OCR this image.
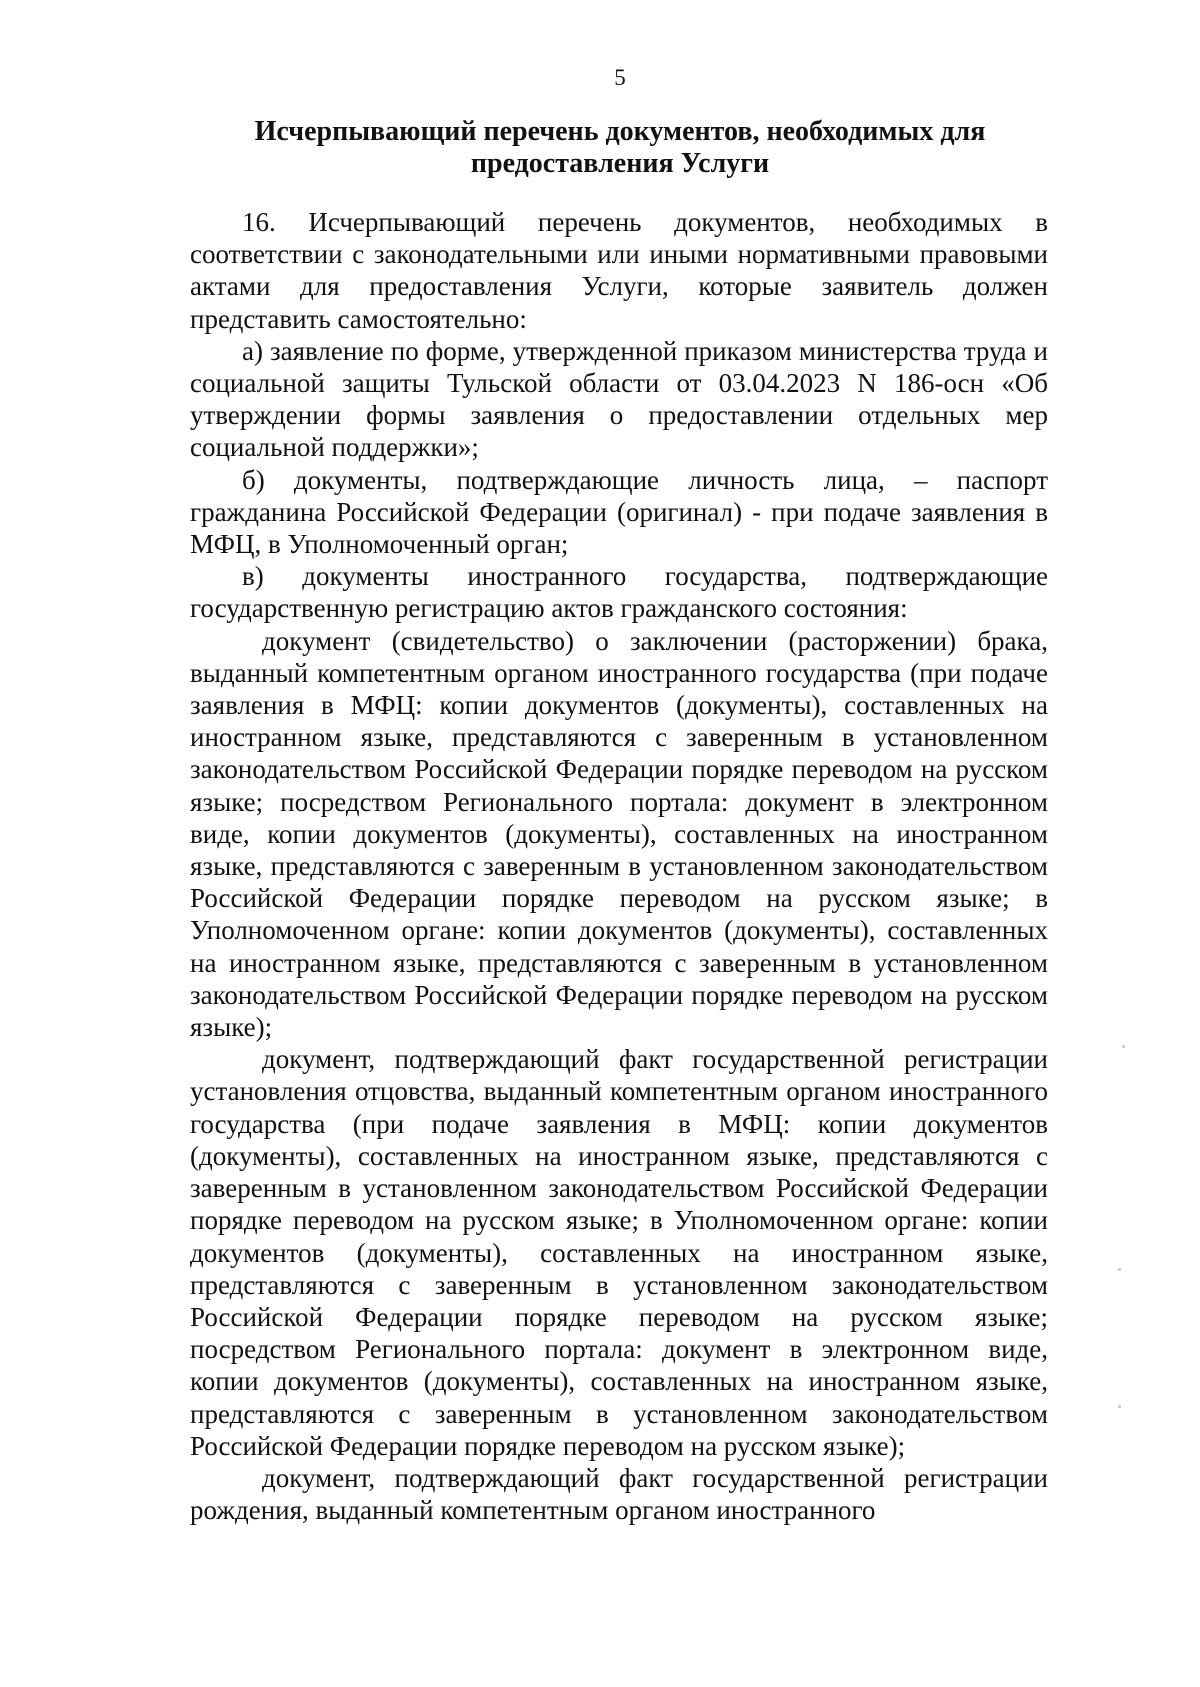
5
Исчерпывающий перечень документов, необходимых для
предоставления Услуги

16. Исчерпывающий перечень документов, необходимых в соответствии с законодательными или иными нормативными правовыми актами для предоставления Услуги, которые заявитель должен представить самостоятельно:

а) заявление по форме, утвержденной приказом министерства труда и социальной защиты Тульской области от 03.04.2023 N 186-осн «Об утверждении формы заявления о предоставлении отдельных мер социальной поддержки»;

б) документы, подтверждающие личность лица, – паспорт гражданина Российской Федерации (оригинал) - при подаче заявления в МФЦ, в Уполномоченный орган;

в) документы иностранного государства, подтверждающие государственную регистрацию актов гражданского состояния:

документ (свидетельство) о заключении (расторжении) брака, выданный компетентным органом иностранного государства (при подаче заявления в МФЦ: копии документов (документы), составленных на иностранном языке, представляются с заверенным в установленном законодательством Российской Федерации порядке переводом на русском языке; посредством Регионального портала: документ в электронном виде, копии документов (документы), составленных на иностранном языке, представляются с заверенным в установленном законодательством Российской Федерации порядке переводом на русском языке; в Уполномоченном органе: копии документов (документы), составленных на иностранном языке, представляются с заверенным в установленном законодательством Российской Федерации порядке переводом на русском языке);

документ, подтверждающий факт государственной регистрации установления отцовства, выданный компетентным органом иностранного государства (при подаче заявления в МФЦ: копии документов (документы), составленных на иностранном языке, представляются с заверенным в установленном законодательством Российской Федерации порядке переводом на русском языке; в Уполномоченном органе: копии документов (документы), составленных на иностранном языке, представляются с заверенным в установленном законодательством Российской Федерации порядке переводом на русском языке; посредством Регионального портала: документ в электронном виде, копии документов (документы), составленных на иностранном языке, представляются с заверенным в установленном законодательством Российской Федерации порядке переводом на русском языке);

документ, подтверждающий факт государственной регистрации рождения, выданный компетентным органом иностранного
